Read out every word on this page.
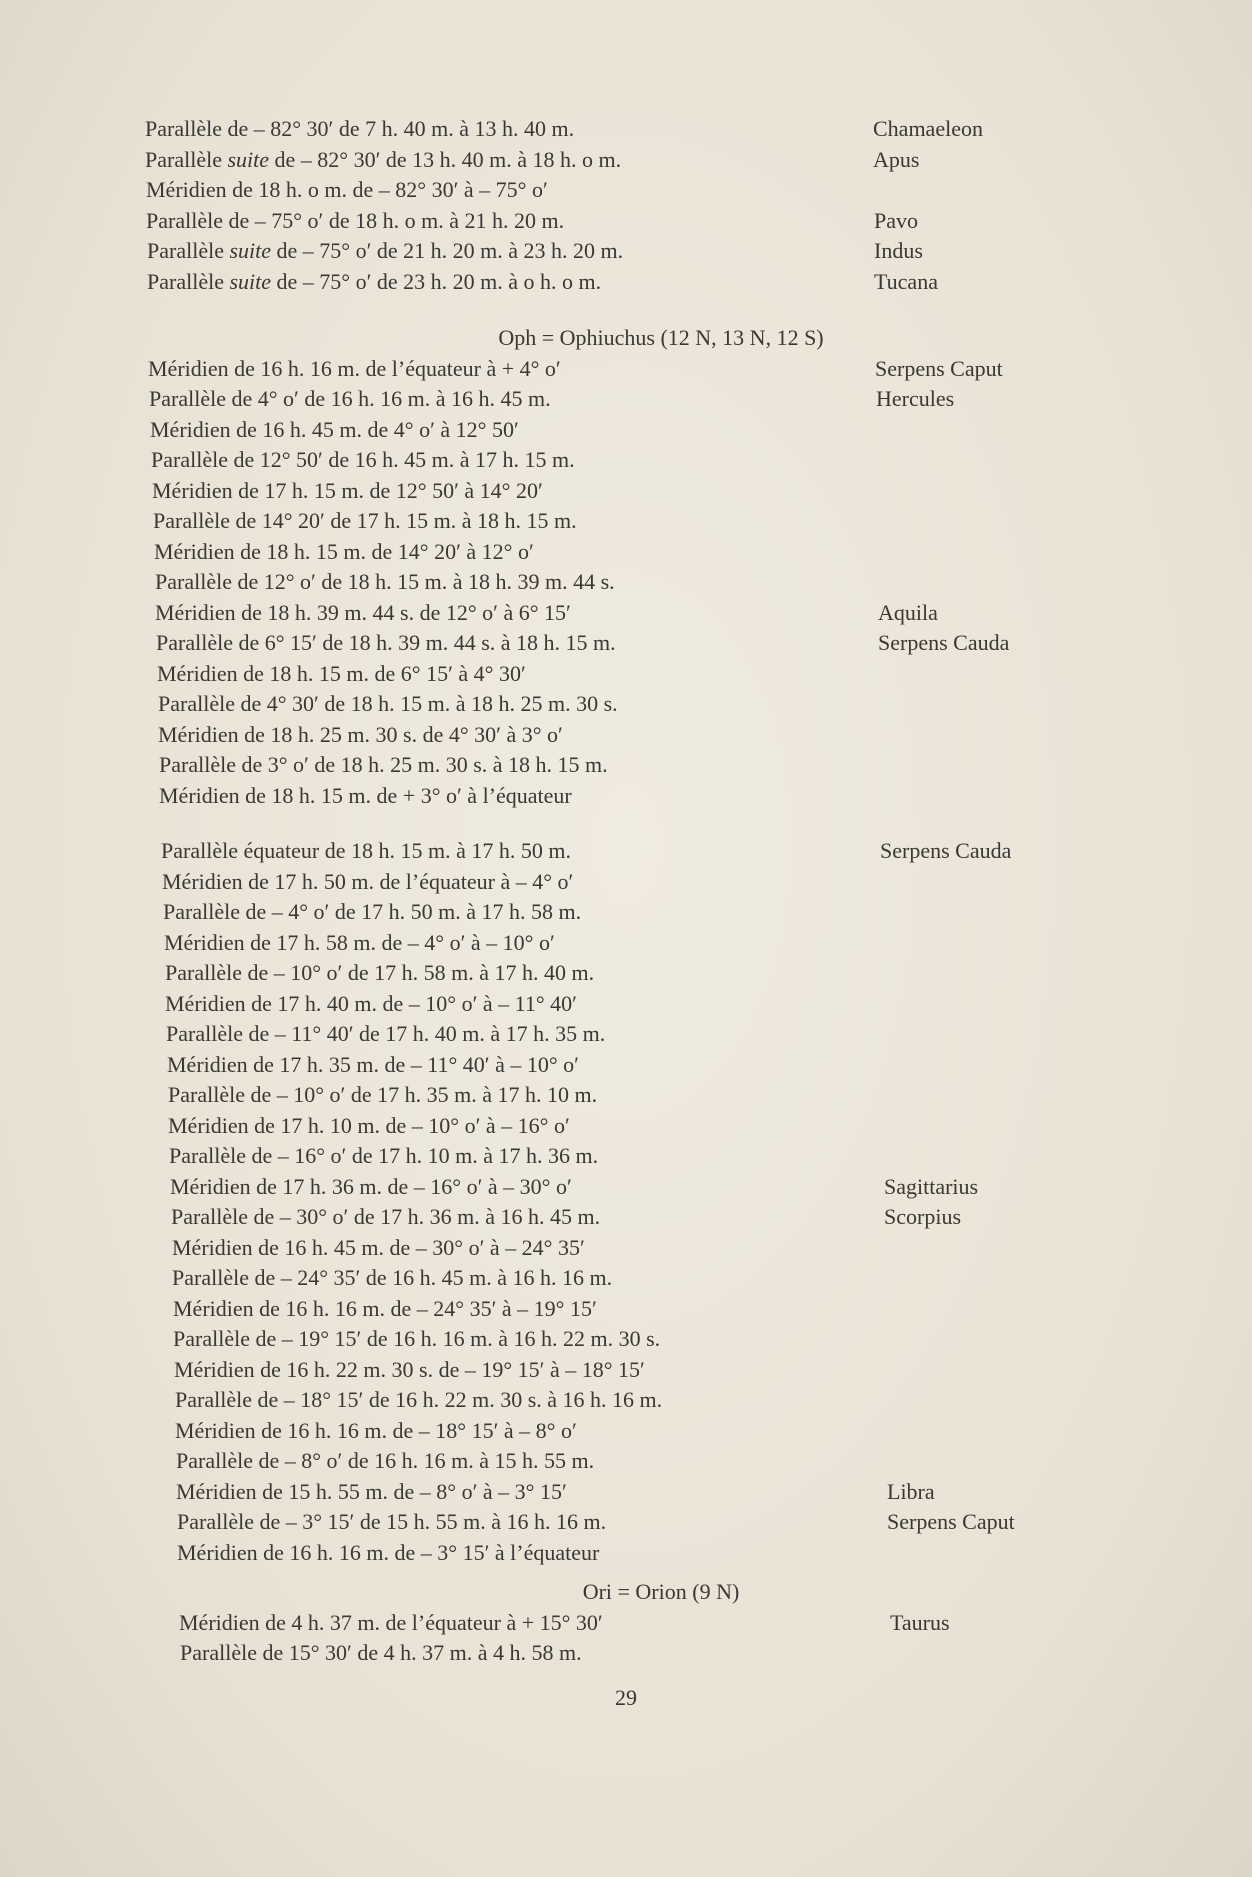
Parallèle de – 82° 30′ de 7 h. 40 m. à 13 h. 40 m.	Chamaeleon
Parallèle suite de – 82° 30′ de 13 h. 40 m. à 18 h. o m.	Apus
Méridien de 18 h. o m. de – 82° 30′ à – 75° o′
Parallèle de – 75° o′ de 18 h. o m. à 21 h. 20 m.	Pavo
Parallèle suite de – 75° o′ de 21 h. 20 m. à 23 h. 20 m.	Indus
Parallèle suite de – 75° o′ de 23 h. 20 m. à o h. o m.	Tucana
Oph = Ophiuchus (12 N, 13 N, 12 S)
Méridien de 16 h. 16 m. de l’équateur à + 4° o′	Serpens Caput
Parallèle de 4° o′ de 16 h. 16 m. à 16 h. 45 m.	Hercules
Méridien de 16 h. 45 m. de 4° o′ à 12° 50′
Parallèle de 12° 50′ de 16 h. 45 m. à 17 h. 15 m.
Méridien de 17 h. 15 m. de 12° 50′ à 14° 20′
Parallèle de 14° 20′ de 17 h. 15 m. à 18 h. 15 m.
Méridien de 18 h. 15 m. de 14° 20′ à 12° o′
Parallèle de 12° o′ de 18 h. 15 m. à 18 h. 39 m. 44 s.
Méridien de 18 h. 39 m. 44 s. de 12° o′ à 6° 15′	Aquila
Parallèle de 6° 15′ de 18 h. 39 m. 44 s. à 18 h. 15 m.	Serpens Cauda
Méridien de 18 h. 15 m. de 6° 15′ à 4° 30′
Parallèle de 4° 30′ de 18 h. 15 m. à 18 h. 25 m. 30 s.
Méridien de 18 h. 25 m. 30 s. de 4° 30′ à 3° o′
Parallèle de 3° o′ de 18 h. 25 m. 30 s. à 18 h. 15 m.
Méridien de 18 h. 15 m. de + 3° o′ à l’équateur
Parallèle équateur de 18 h. 15 m. à 17 h. 50 m.	Serpens Cauda
Méridien de 17 h. 50 m. de l’équateur à – 4° o′
Parallèle de – 4° o′ de 17 h. 50 m. à 17 h. 58 m.
Méridien de 17 h. 58 m. de – 4° o′ à – 10° o′
Parallèle de – 10° o′ de 17 h. 58 m. à 17 h. 40 m.
Méridien de 17 h. 40 m. de – 10° o′ à – 11° 40′
Parallèle de – 11° 40′ de 17 h. 40 m. à 17 h. 35 m.
Méridien de 17 h. 35 m. de – 11° 40′ à – 10° o′
Parallèle de – 10° o′ de 17 h. 35 m. à 17 h. 10 m.
Méridien de 17 h. 10 m. de – 10° o′ à – 16° o′
Parallèle de – 16° o′ de 17 h. 10 m. à 17 h. 36 m.
Méridien de 17 h. 36 m. de – 16° o′ à – 30° o′	Sagittarius
Parallèle de – 30° o′ de 17 h. 36 m. à 16 h. 45 m.	Scorpius
Méridien de 16 h. 45 m. de – 30° o′ à – 24° 35′
Parallèle de – 24° 35′ de 16 h. 45 m. à 16 h. 16 m.
Méridien de 16 h. 16 m. de – 24° 35′ à – 19° 15′
Parallèle de – 19° 15′ de 16 h. 16 m. à 16 h. 22 m. 30 s.
Méridien de 16 h. 22 m. 30 s. de – 19° 15′ à – 18° 15′
Parallèle de – 18° 15′ de 16 h. 22 m. 30 s. à 16 h. 16 m.
Méridien de 16 h. 16 m. de – 18° 15′ à – 8° o′
Parallèle de – 8° o′ de 16 h. 16 m. à 15 h. 55 m.
Méridien de 15 h. 55 m. de – 8° o′ à – 3° 15′	Libra
Parallèle de – 3° 15′ de 15 h. 55 m. à 16 h. 16 m.	Serpens Caput
Méridien de 16 h. 16 m. de – 3° 15′ à l’équateur
Ori = Orion (9 N)
Méridien de 4 h. 37 m. de l’équateur à + 15° 30′	Taurus
Parallèle de 15° 30′ de 4 h. 37 m. à 4 h. 58 m.
29
